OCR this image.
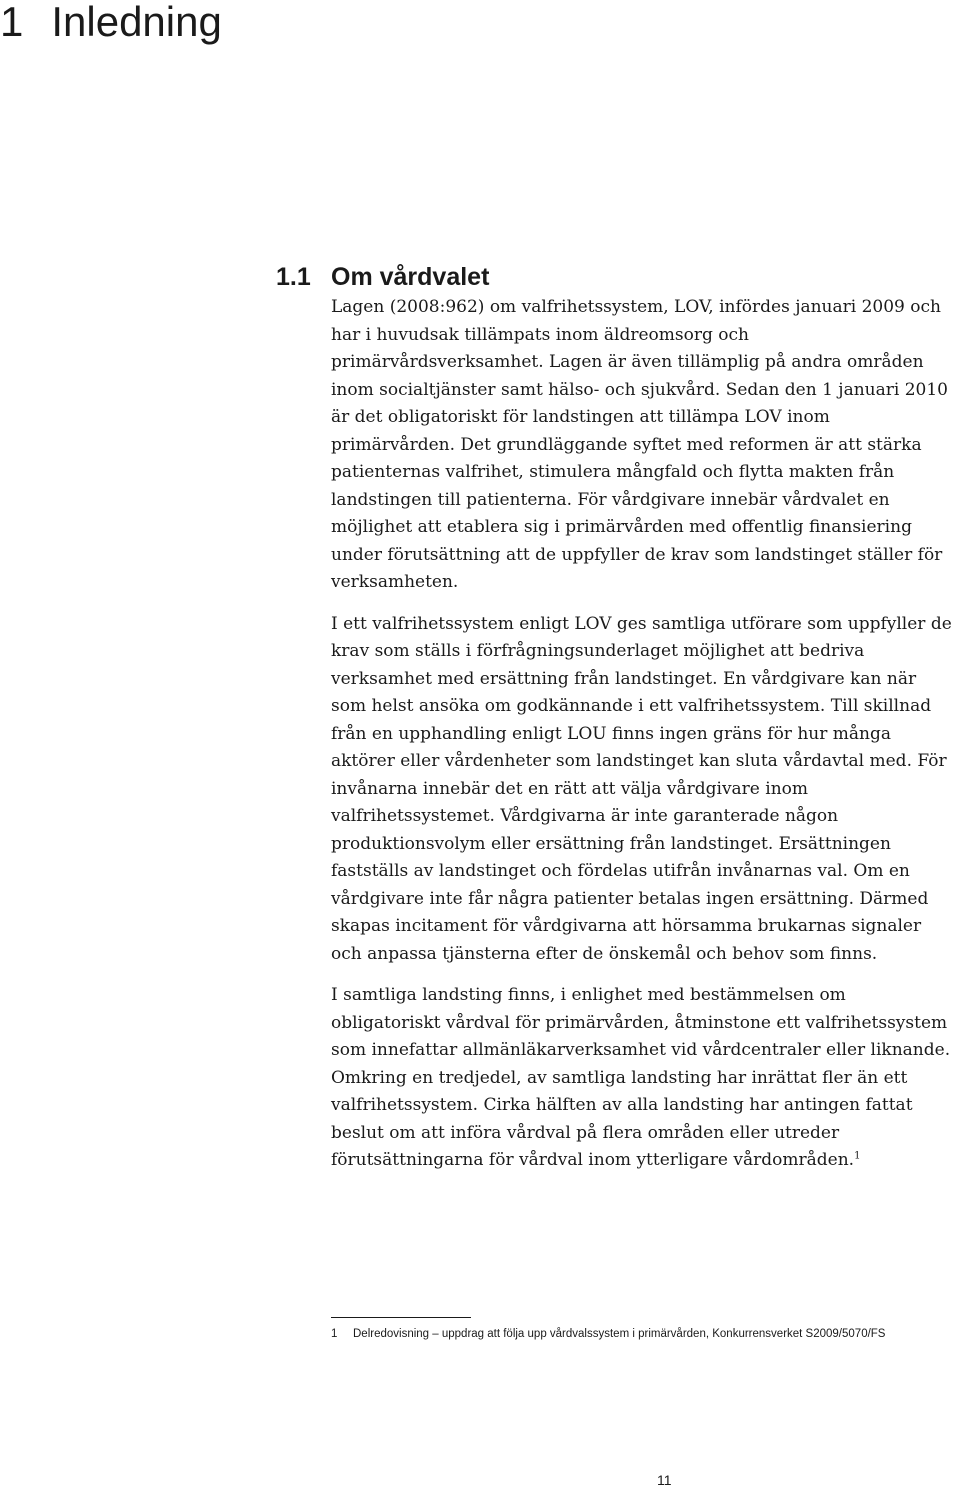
1 Inledning
1.1 Om vårdvalet

Lagen (2008:962) om valfrihetssystem, LOV, infördes januari 2009 och har i huvudsak tillämpats inom äldreomsorg och primärvårdsverksamhet. Lagen är även tillämplig på andra områden inom socialtjänster samt hälso- och sjukvård. Sedan den 1 januari 2010 är det obligatoriskt för landstingen att tillämpa LOV inom primärvården. Det grundläggande syftet med reformen är att stärka patienternas valfrihet, stimulera mångfald och flytta makten från landstingen till patienterna. För vårdgivare innebär vårdvalet en möjlighet att etablera sig i primärvården med offentlig finansiering under förutsättning att de uppfyller de krav som landstinget ställer för verksamheten.

I ett valfrihetssystem enligt LOV ges samtliga utförare som uppfyller de krav som ställs i förfrågningsunderlaget möjlighet att bedriva verksamhet med ersättning från landstinget. En vårdgivare kan när som helst ansöka om godkännande i ett valfrihetssystem. Till skillnad från en upphandling enligt LOU finns ingen gräns för hur många aktörer eller vårdenheter som landstinget kan sluta vårdavtal med. För invånarna innebär det en rätt att välja vårdgivare inom valfrihetssystemet. Vårdgivarna är inte garanterade någon produktionsvolym eller ersättning från landstinget. Ersättningen fastställs av landstinget och fördelas utifrån invånarnas val. Om en vårdgivare inte får några patienter betalas ingen ersättning. Därmed skapas incitament för vårdgivarna att hörsamma brukarnas signaler och anpassa tjänsterna efter de önskemål och behov som finns.

I samtliga landsting finns, i enlighet med bestämmelsen om obligatoriskt vårdval för primärvården, åtminstone ett valfrihetssystem som innefattar allmänläkarverksamhet vid vårdcentraler eller liknande. Omkring en tredjedel, av samtliga landsting har inrättat fler än ett valfrihetssystem. Cirka hälften av alla landsting har antingen fattat beslut om att införa vårdval på flera områden eller utreder förutsättningarna för vårdval inom ytterligare vårdområden.$^1$

1 Delredovisning – uppdrag att följa upp vårdvalssystem i primärvården, Konkurrensverket S2009/5070/FS
11
